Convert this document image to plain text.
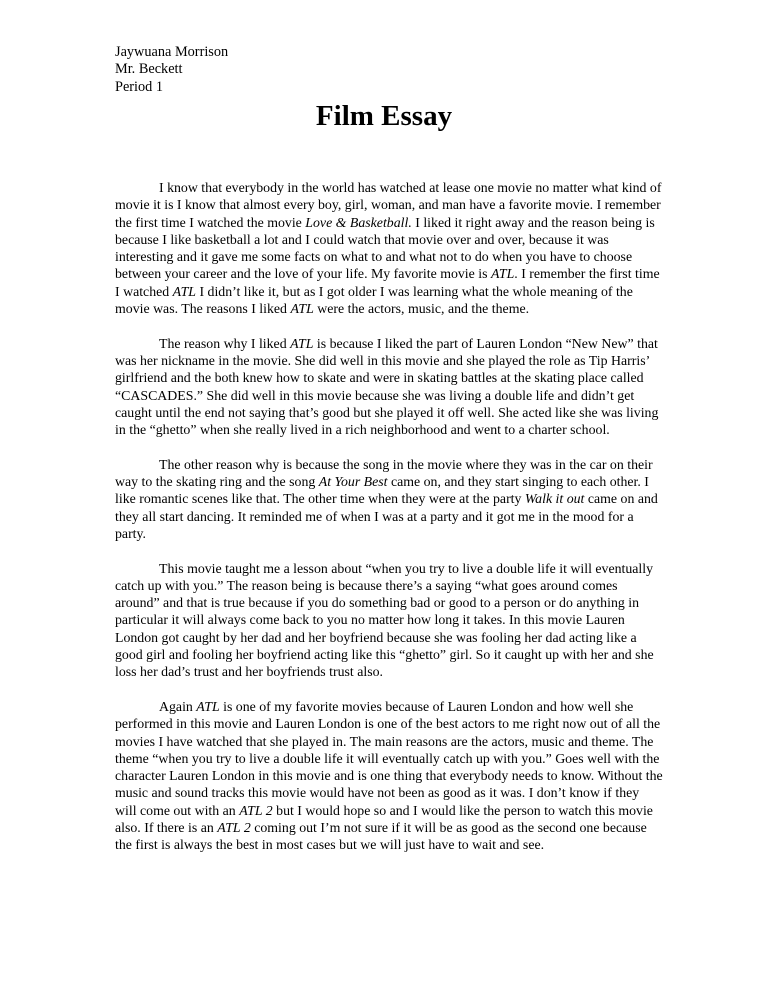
Jaywuana Morrison
Mr. Beckett
Period 1
Film Essay

I know that everybody in the world has watched at lease one movie no matter what kind of movie it is I know that almost every boy, girl, woman, and man have a favorite movie. I remember the first time I watched the movie Love & Basketball. I liked it right away and the reason being is because I like basketball a lot and I could watch that movie over and over, because it was interesting and it gave me some facts on what to and what not to do when you have to choose between your career and the love of your life. My favorite movie is ATL. I remember the first time I watched ATL I didn’t like it, but as I got older I was learning what the whole meaning of the movie was. The reasons I liked ATL were the actors, music, and the theme.

The reason why I liked ATL is because I liked the part of Lauren London “New New” that was her nickname in the movie. She did well in this movie and she played the role as Tip Harris’ girlfriend and the both knew how to skate and were in skating battles at the skating place called “CASCADES.” She did well in this movie because she was living a double life and didn’t get caught until the end not saying that’s good but she played it off well. She acted like she was living in the “ghetto” when she really lived in a rich neighborhood and went to a charter school.

The other reason why is because the song in the movie where they was in the car on their way to the skating ring and the song At Your Best came on, and they start singing to each other. I like romantic scenes like that. The other time when they were at the party Walk it out came on and they all start dancing. It reminded me of when I was at a party and it got me in the mood for a party.

This movie taught me a lesson about “when you try to live a double life it will eventually catch up with you.” The reason being is because there’s a saying “what goes around comes around” and that is true because if you do something bad or good to a person or do anything in particular it will always come back to you no matter how long it takes. In this movie Lauren London got caught by her dad and her boyfriend because she was fooling her dad acting like a good girl and fooling her boyfriend acting like this “ghetto” girl. So it caught up with her and she loss her dad’s trust and her boyfriends trust also.

Again ATL is one of my favorite movies because of Lauren London and how well she performed in this movie and Lauren London is one of the best actors to me right now out of all the movies I have watched that she played in. The main reasons are the actors, music and theme. The theme “when you try to live a double life it will eventually catch up with you.” Goes well with the character Lauren London in this movie and is one thing that everybody needs to know. Without the music and sound tracks this movie would have not been as good as it was. I don’t know if they will come out with an ATL 2 but I would hope so and I would like the person to watch this movie also. If there is an ATL 2 coming out I’m not sure if it will be as good as the second one because the first is always the best in most cases but we will just have to wait and see.
